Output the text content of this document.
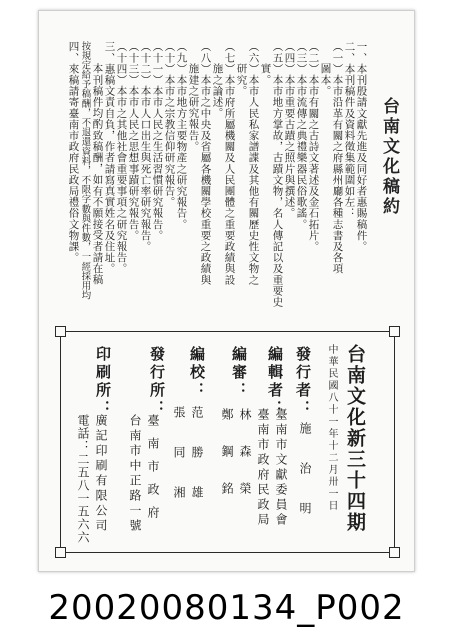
台南文化稿約
一、本刊殷請文獻先進及同好者惠賜稿件。
二、本刊稿件及資料徵集範圍如左：
（一）本市沿革有關之府縣州廳各種志書及各項
圖本。
（二）本市有關之古詩文著述及金石拓片。
（三）本市流傳之典禮樂器民俗歌謠。
（四）本市重要古蹟之照片與撰述。
（五）本市地方掌故，古蹟文物，名人傳記以及重要史
實。
（六）本市人民私家譜諜及其他有關歷史性文物之
研究。
（七）本市府所屬機關及人民團體之重要政績與設
施之論述。
（八）本市之中央及省屬各機關學校重要之政績與
施建之研究報告。
（九）本市地方主要物產之研究報告。
（十）本市之宗教信仰研究報告。
（十一）本市人民之生活習慣研究報告。
（十二）本市人口出生與死亡率研究報告。
（十三）本市人民之思想事蹟研究報告。
（十四）本市之其他社會重要事項之研究報告。
三、惠稿文責自負，作者請寫真實姓名及住址。
本刊稿件均酌致稿酬，如有不願接受者請在稿
按規定給予稿酬，不退還資料，不限字數與件數，一經採用均
四、來稿請寄臺南市政府民政局禮俗文物課。
台南文化新三十四期
中華民國八十一年十二月卅一日
發行者：
施治明
編輯者：
臺南市文獻委員會
臺南市政府民政局
編審：
林森榮
鄭鋼銘
編校：
范勝雄
張同湘
發行所：
臺南市政府
台南市中正路一號
印刷所：
廣記印刷有限公司
電話：二五八一五六六
20020080134_P002
